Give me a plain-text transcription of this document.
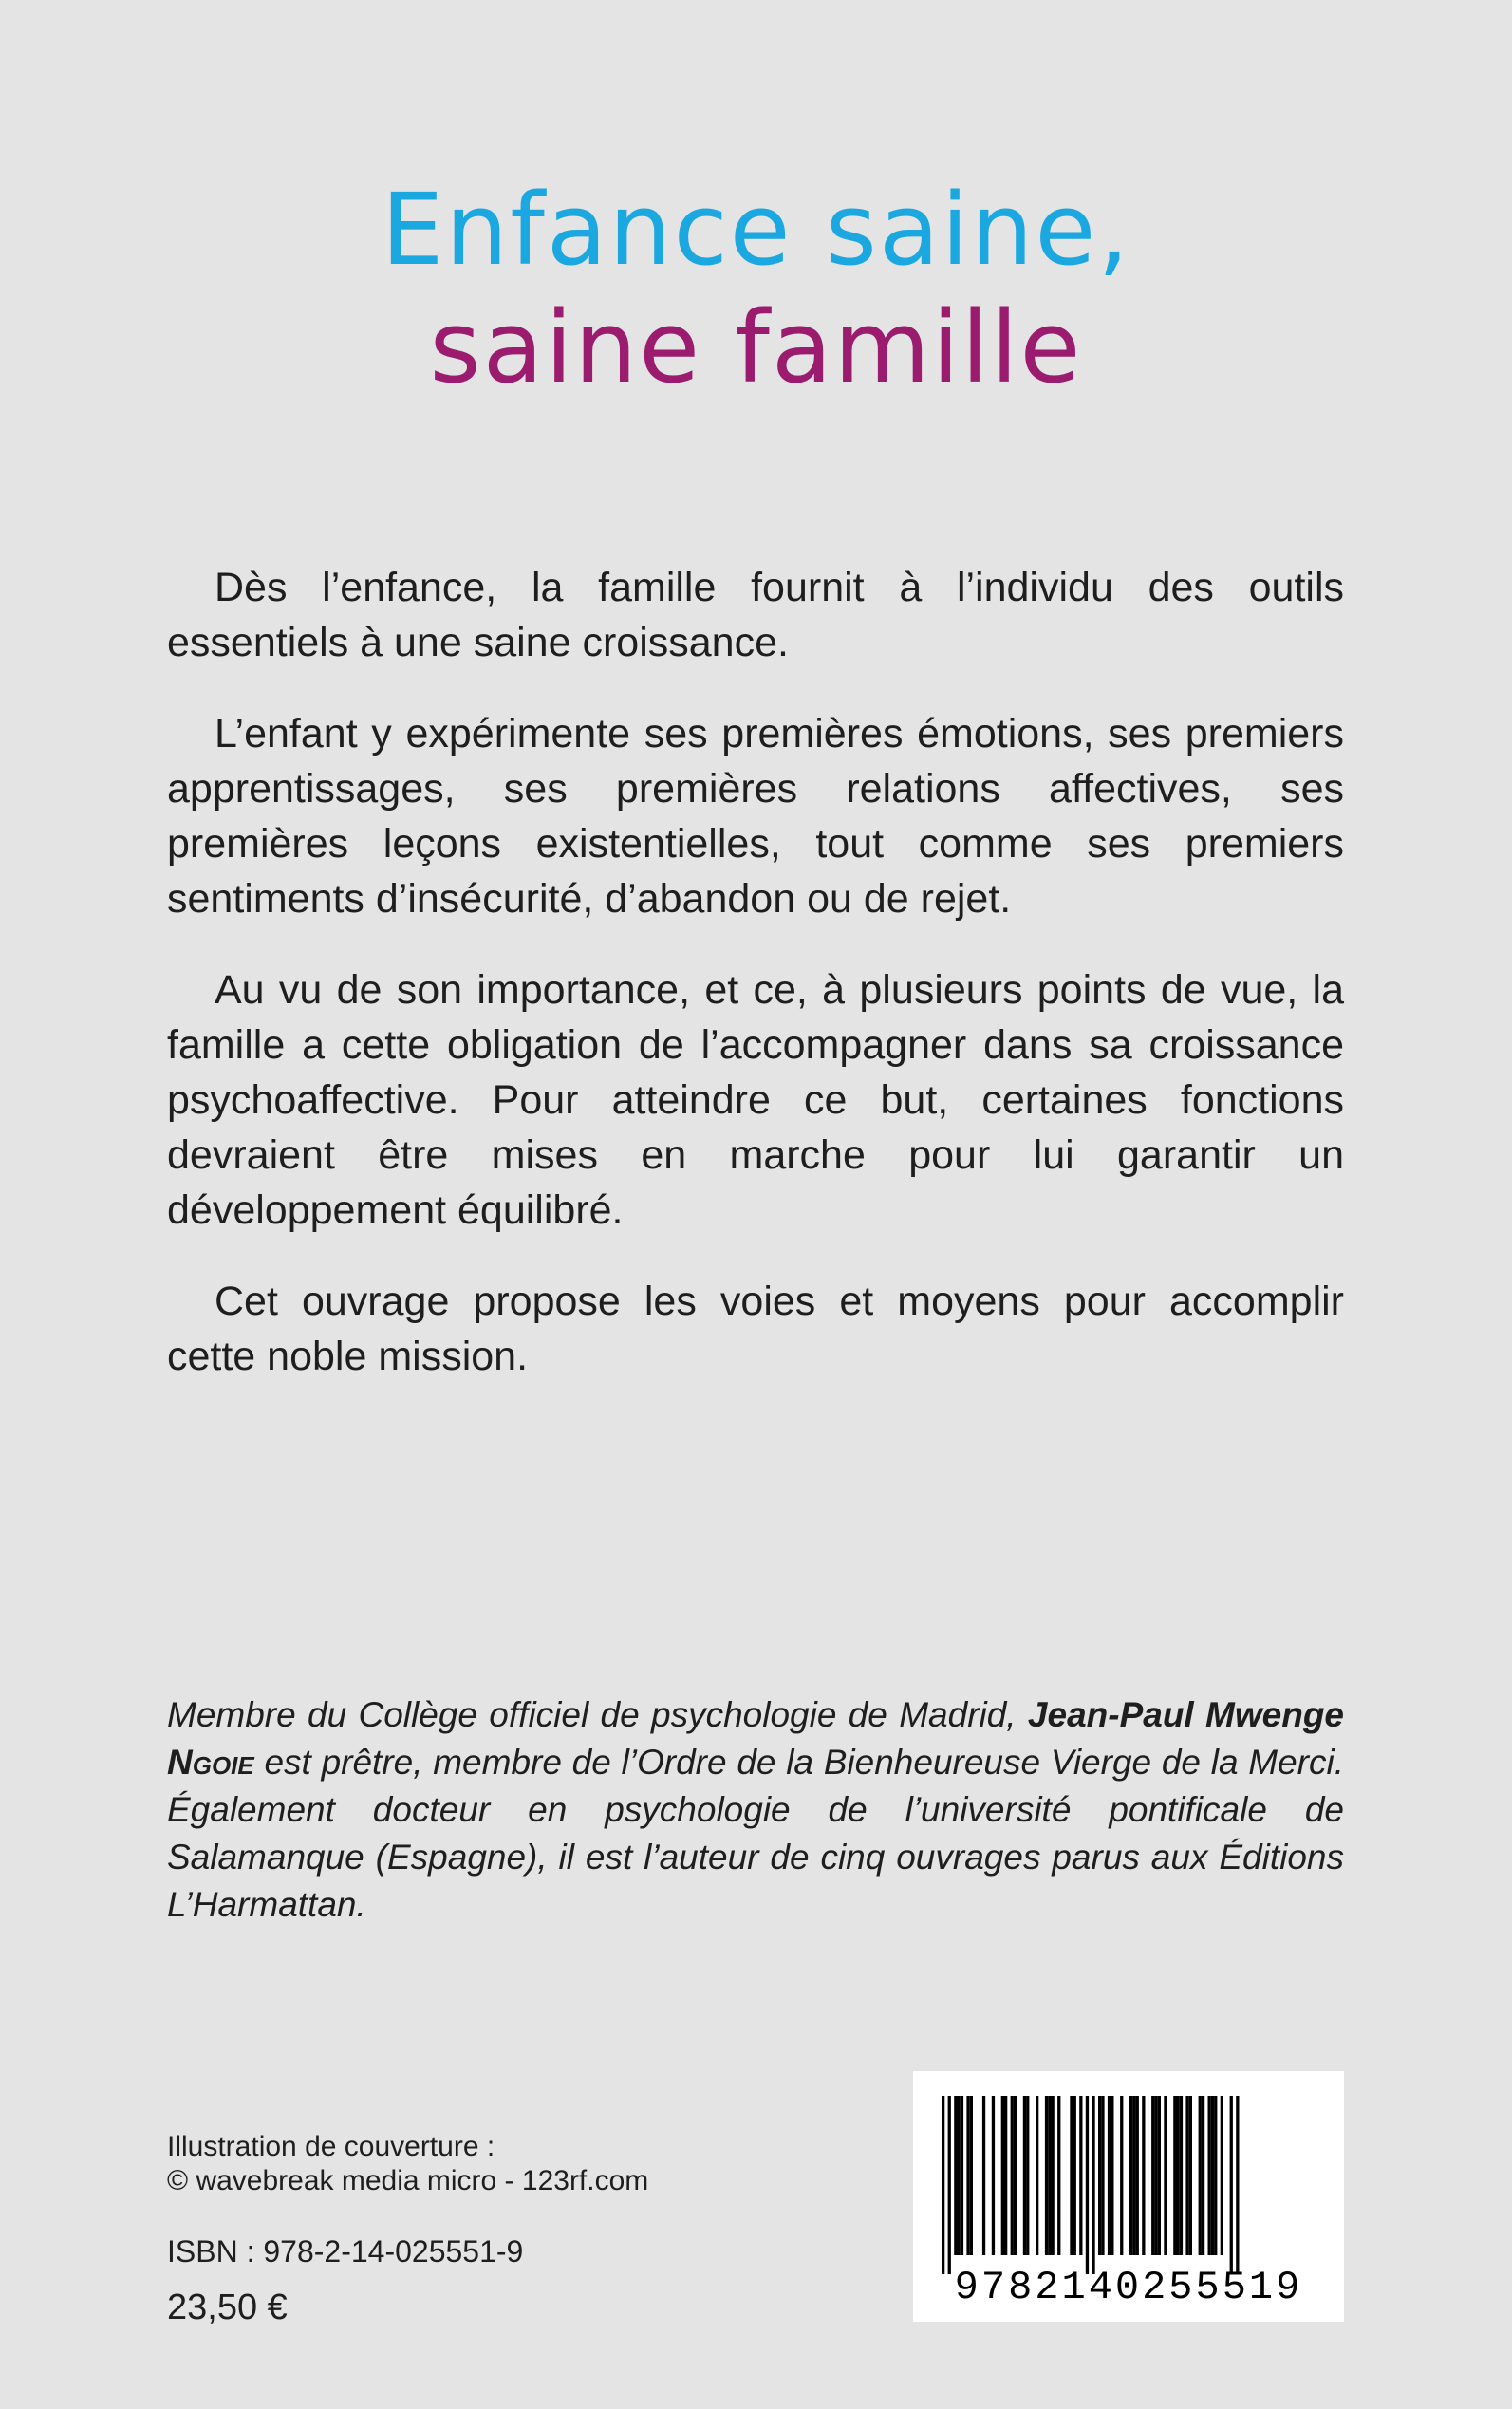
Enfance saine,
saine famille

Dès l’enfance, la famille fournit à l’individu des outils essentiels à une saine croissance.

L’enfant y expérimente ses premières émotions, ses premiers apprentissages, ses premières relations affectives, ses premières leçons existentielles, tout comme ses premiers sentiments d’insécurité, d’abandon ou de rejet.

Au vu de son importance, et ce, à plusieurs points de vue, la famille a cette obligation de l’accompagner dans sa croissance psychoaffective. Pour atteindre ce but, certaines fonctions devraient être mises en marche pour lui garantir un développement équilibré.

Cet ouvrage propose les voies et moyens pour accomplir cette noble mission.

Membre du Collège officiel de psychologie de Madrid, Jean-Paul Mwenge Ngoie est prêtre, membre de l’Ordre de la Bienheureuse Vierge de la Merci. Également docteur en psychologie de l’université pontificale de Salamanque (Espagne), il est l’auteur de cinq ouvrages parus aux Éditions L’Harmattan.

Illustration de couverture :
© wavebreak media micro - 123rf.com
ISBN : 978-2-14-025551-9
23,50 €	9782140255519
